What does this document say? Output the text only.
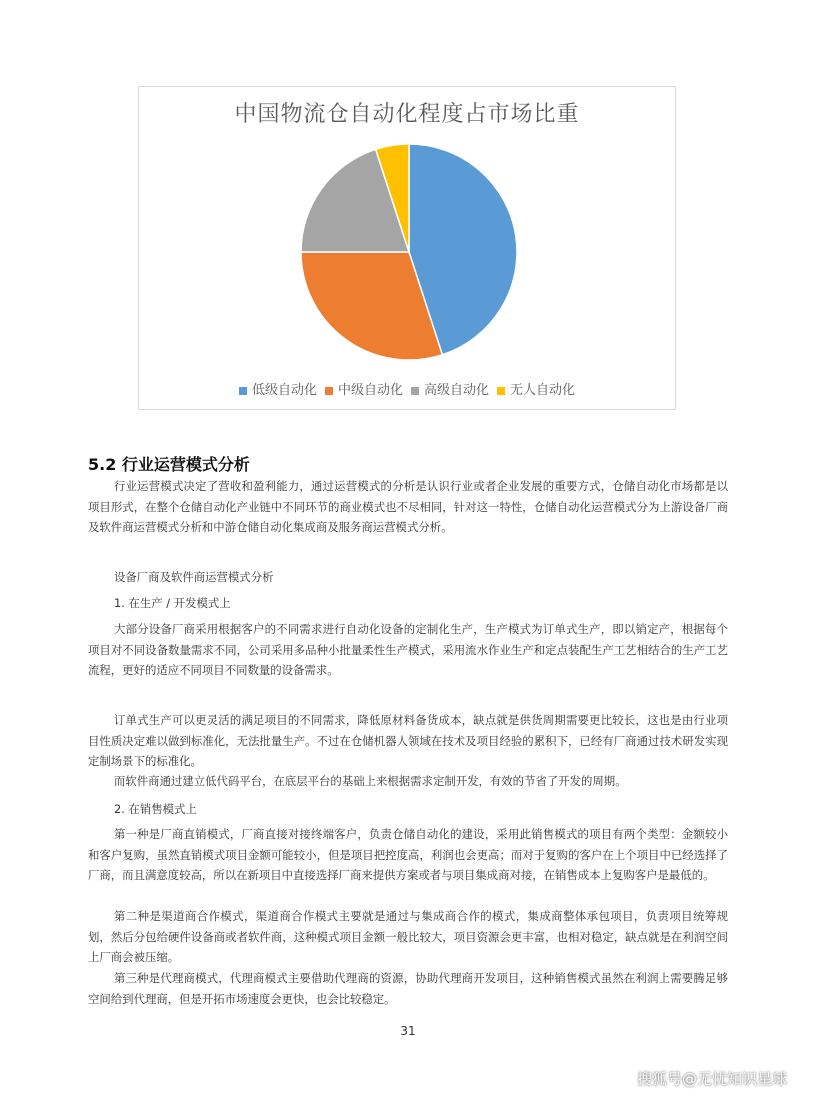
中国物流仓自动化程度占市场比重
低级自动化 中级自动化 高级自动化 无人自动化
5.2 行业运营模式分析

行业运营模式决定了营收和盈利能力，通过运营模式的分析是认识行业或者企业发展的重要方式，仓储自动化市场都是以项目形式，在整个仓储自动化产业链中不同环节的商业模式也不尽相同，针对这一特性，仓储自动化运营模式分为上游设备厂商及软件商运营模式分析和中游仓储自动化集成商及服务商运营模式分析。

设备厂商及软件商运营模式分析
1. 在生产 / 开发模式上

大部分设备厂商采用根据客户的不同需求进行自动化设备的定制化生产，生产模式为订单式生产，即以销定产，根据每个项目对不同设备数量需求不同，公司采用多品种小批量柔性生产模式，采用流水作业生产和定点装配生产工艺相结合的生产工艺流程，更好的适应不同项目不同数量的设备需求。

订单式生产可以更灵活的满足项目的不同需求，降低原材料备货成本，缺点就是供货周期需要更比较长，这也是由行业项目性质决定难以做到标准化，无法批量生产。不过在仓储机器人领域在技术及项目经验的累积下，已经有厂商通过技术研发实现定制场景下的标准化。

而软件商通过建立低代码平台，在底层平台的基础上来根据需求定制开发，有效的节省了开发的周期。

2. 在销售模式上

第一种是厂商直销模式，厂商直接对接终端客户，负责仓储自动化的建设，采用此销售模式的项目有两个类型：金额较小和客户复购，虽然直销模式项目金额可能较小，但是项目把控度高，利润也会更高；而对于复购的客户在上个项目中已经选择了厂商，而且满意度较高，所以在新项目中直接选择厂商来提供方案或者与项目集成商对接，在销售成本上复购客户是最低的。

第二种是渠道商合作模式，渠道商合作模式主要就是通过与集成商合作的模式，集成商整体承包项目，负责项目统筹规划，然后分包给硬件设备商或者软件商，这种模式项目金额一般比较大，项目资源会更丰富，也相对稳定，缺点就是在利润空间上厂商会被压缩。

第三种是代理商模式，代理商模式主要借助代理商的资源，协助代理商开发项目，这种销售模式虽然在利润上需要腾足够空间给到代理商，但是开拓市场速度会更快，也会比较稳定。

31
搜狐号@无忧知识星球
